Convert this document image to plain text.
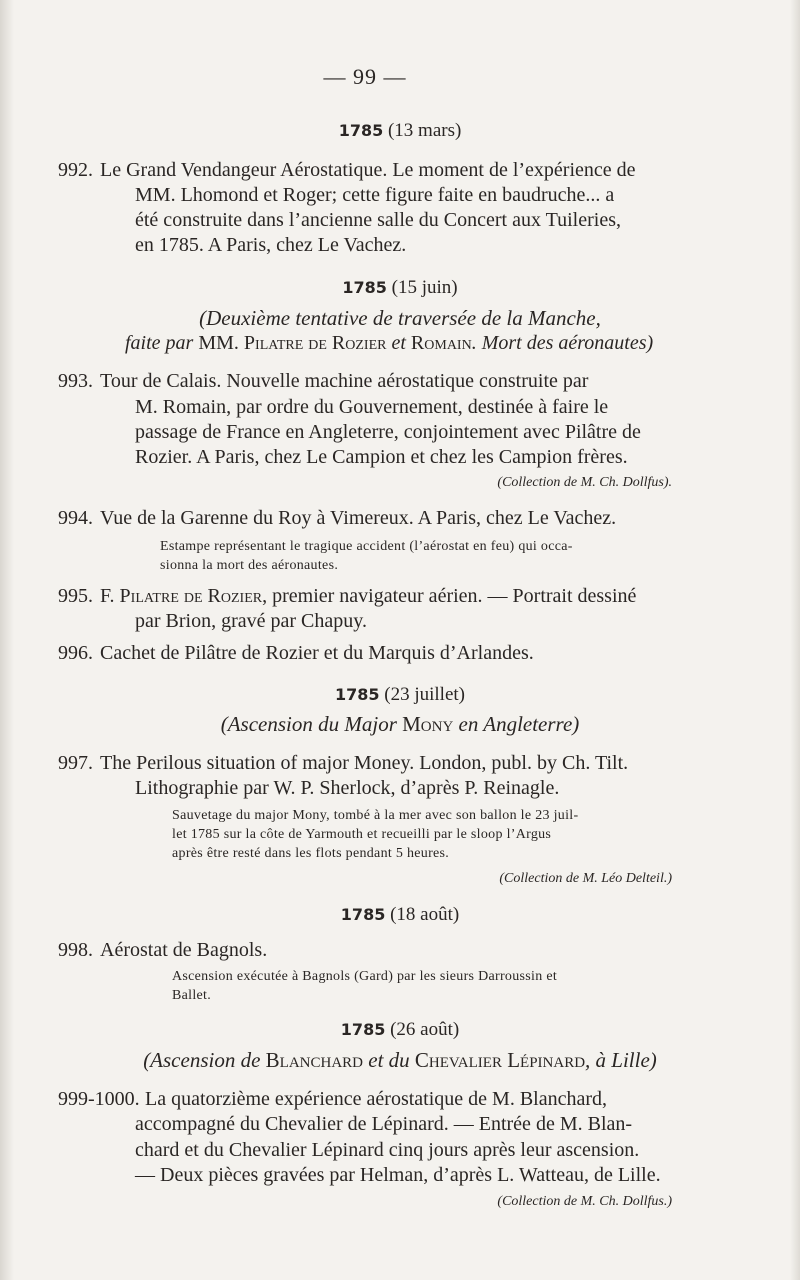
— 99 —
1785 (13 mars)
992. Le Grand Vendangeur Aérostatique. Le moment de l’expérience de
MM. Lhomond et Roger; cette figure faite en baudruche... a
été construite dans l’ancienne salle du Concert aux Tuileries,
en 1785. A Paris, chez Le Vachez.
1785 (15 juin)
(Deuxième tentative de traversée de la Manche,
faite par MM. Pilatre de Rozier et Romain. Mort des aéronautes)
993. Tour de Calais. Nouvelle machine aérostatique construite par
M. Romain, par ordre du Gouvernement, destinée à faire le
passage de France en Angleterre, conjointement avec Pilâtre de
Rozier. A Paris, chez Le Campion et chez les Campion frères.
(Collection de M. Ch. Dollfus).
994. Vue de la Garenne du Roy à Vimereux. A Paris, chez Le Vachez.
Estampe représentant le tragique accident (l’aérostat en feu) qui occa-
sionna la mort des aéronautes.
995. F. Pilatre de Rozier, premier navigateur aérien. — Portrait dessiné
par Brion, gravé par Chapuy.
996. Cachet de Pilâtre de Rozier et du Marquis d’Arlandes.
1785 (23 juillet)
(Ascension du Major Mony en Angleterre)
997. The Perilous situation of major Money. London, publ. by Ch. Tilt.
Lithographie par W. P. Sherlock, d’après P. Reinagle.
Sauvetage du major Mony, tombé à la mer avec son ballon le 23 juil-
let 1785 sur la côte de Yarmouth et recueilli par le sloop l’Argus
après être resté dans les flots pendant 5 heures.
(Collection de M. Léo Delteil.)
1785 (18 août)
998. Aérostat de Bagnols.
Ascension exécutée à Bagnols (Gard) par les sieurs Darroussin et
Ballet.
1785 (26 août)
(Ascension de Blanchard et du Chevalier Lépinard, à Lille)
999-1000. La quatorzième expérience aérostatique de M. Blanchard,
accompagné du Chevalier de Lépinard. — Entrée de M. Blan-
chard et du Chevalier Lépinard cinq jours après leur ascension.
— Deux pièces gravées par Helman, d’après L. Watteau, de Lille.
(Collection de M. Ch. Dollfus.)
